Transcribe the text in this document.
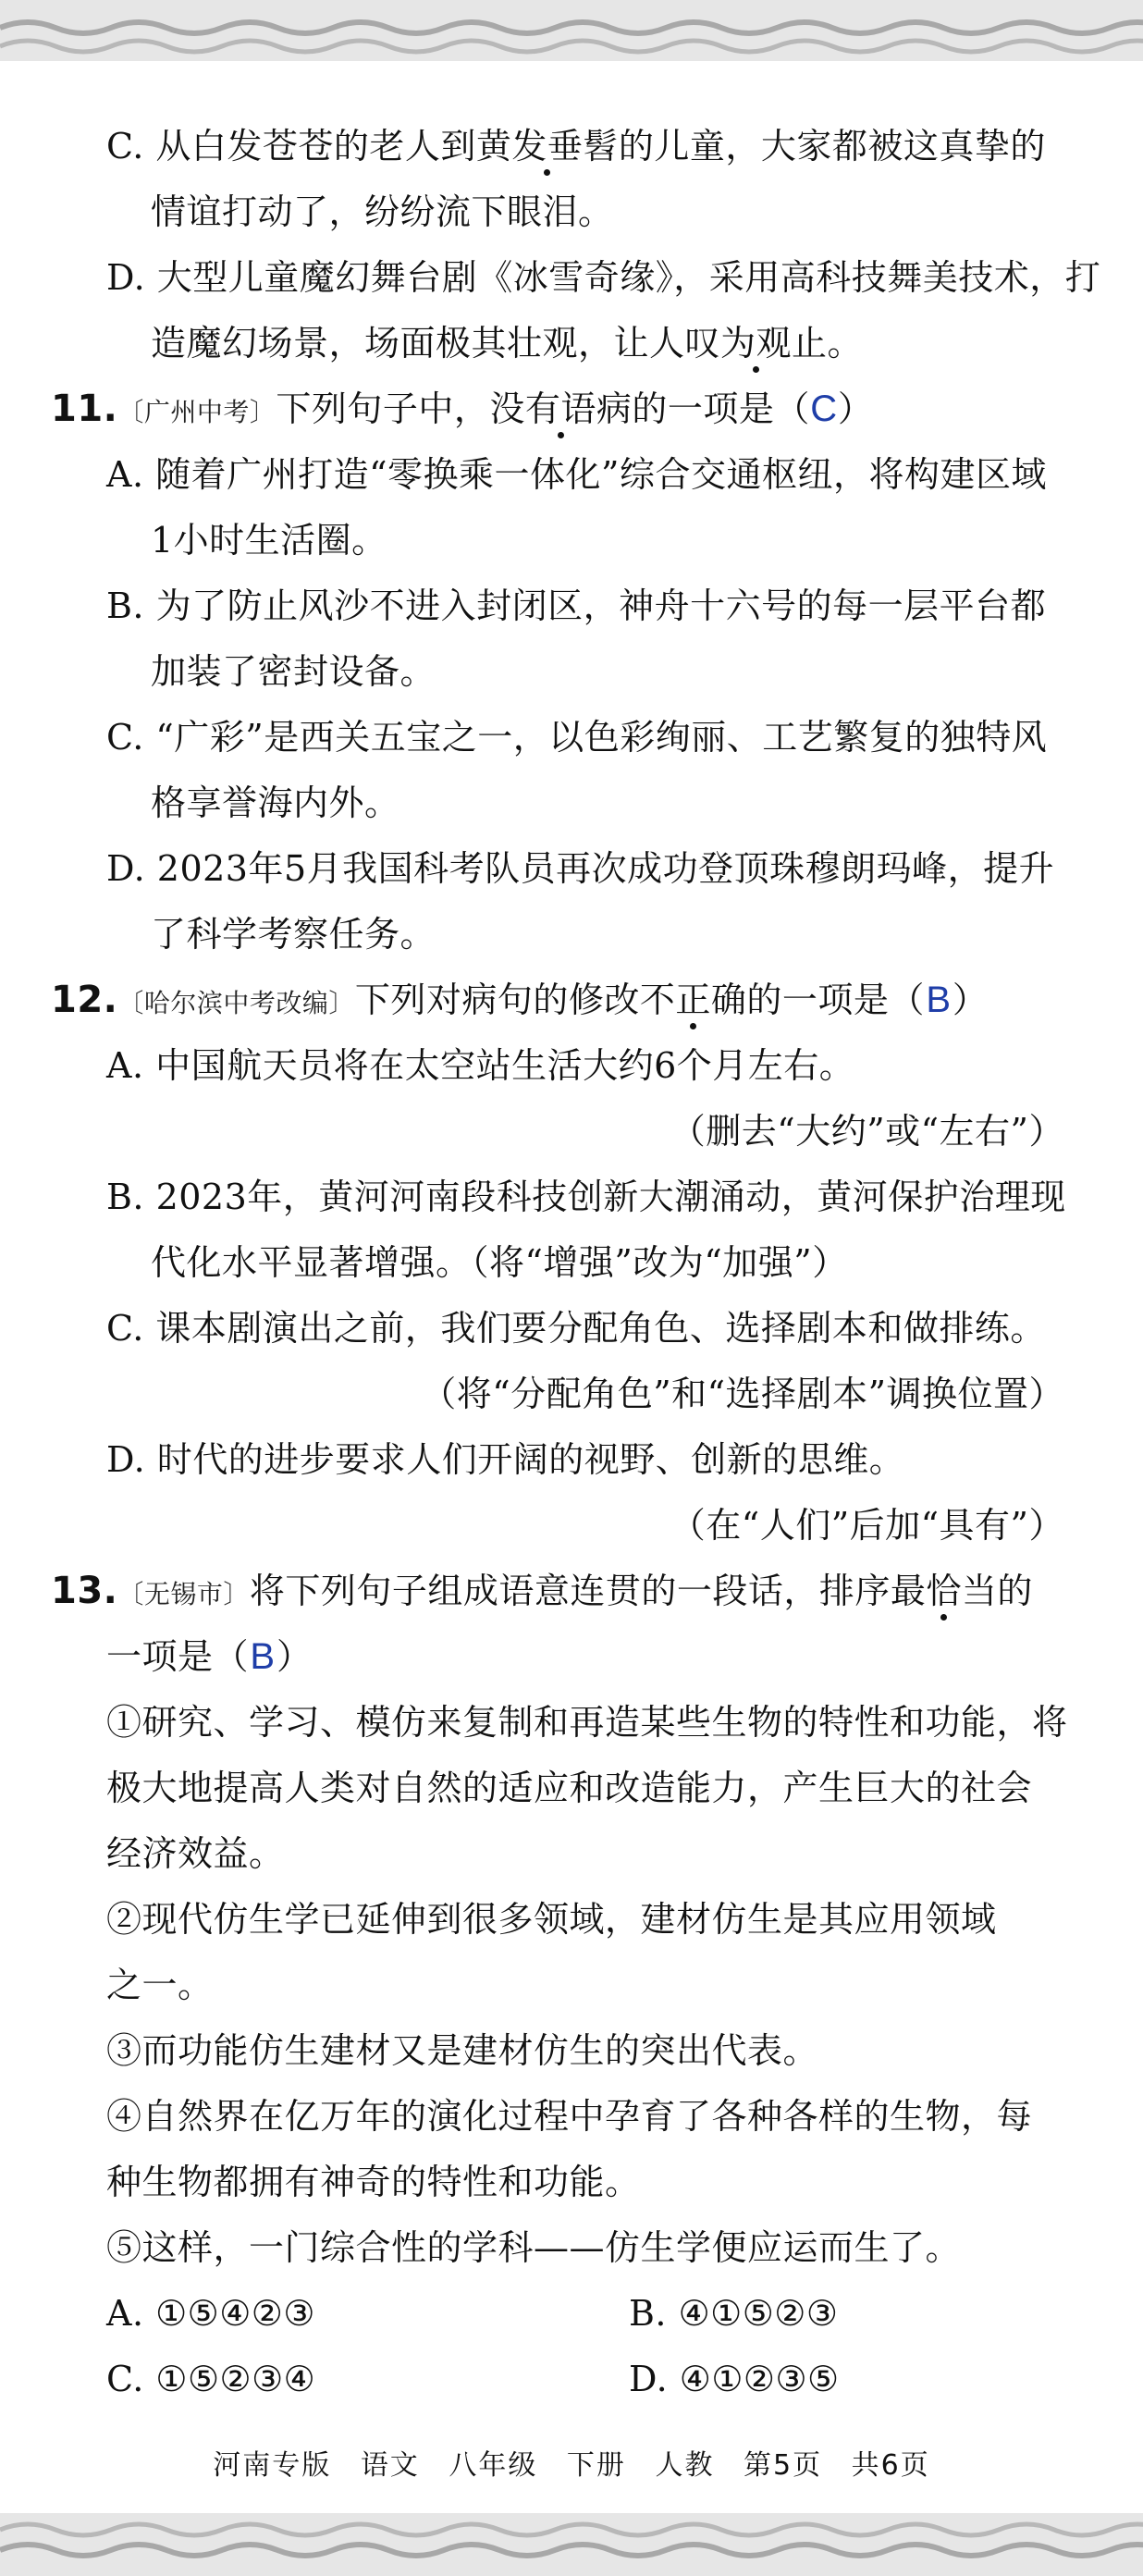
C. 从白发苍苍的老人到黄发垂髫的儿童，大家都被这真挚的
情谊打动了，纷纷流下眼泪。
D. 大型儿童魔幻舞台剧《冰雪奇缘》，采用高科技舞美技术，打
造魔幻场景，场面极其壮观，让人叹为观止。
11.〔广州中考〕下列句子中，没有语病的一项是（C）
A. 随着广州打造“零换乘一体化”综合交通枢纽，将构建区域
1小时生活圈。
B. 为了防止风沙不进入封闭区，神舟十六号的每一层平台都
加装了密封设备。
C. “广彩”是西关五宝之一，以色彩绚丽、工艺繁复的独特风
格享誉海内外。
D. 2023年5月我国科考队员再次成功登顶珠穆朗玛峰，提升
了科学考察任务。
12.〔哈尔滨中考改编〕下列对病句的修改不正确的一项是（B）
A. 中国航天员将在太空站生活大约6个月左右。
（删去“大约”或“左右”）
B. 2023年，黄河河南段科技创新大潮涌动，黄河保护治理现
代化水平显著增强。（将“增强”改为“加强”）
C. 课本剧演出之前，我们要分配角色、选择剧本和做排练。
（将“分配角色”和“选择剧本”调换位置）
D. 时代的进步要求人们开阔的视野、创新的思维。
（在“人们”后加“具有”）
13.〔无锡市〕将下列句子组成语意连贯的一段话，排序最恰当的
一项是（B）
①研究、学习、模仿来复制和再造某些生物的特性和功能，将
极大地提高人类对自然的适应和改造能力，产生巨大的社会
经济效益。
②现代仿生学已延伸到很多领域，建材仿生是其应用领域
之一。
③而功能仿生建材又是建材仿生的突出代表。
④自然界在亿万年的演化过程中孕育了各种各样的生物，每
种生物都拥有神奇的特性和功能。
⑤这样，一门综合性的学科——仿生学便应运而生了。
A. ①⑤④②③	B. ④①⑤②③
C. ①⑤②③④	D. ④①②③⑤
河南专版 语文 八年级 下册 人教 第5页 共6页
